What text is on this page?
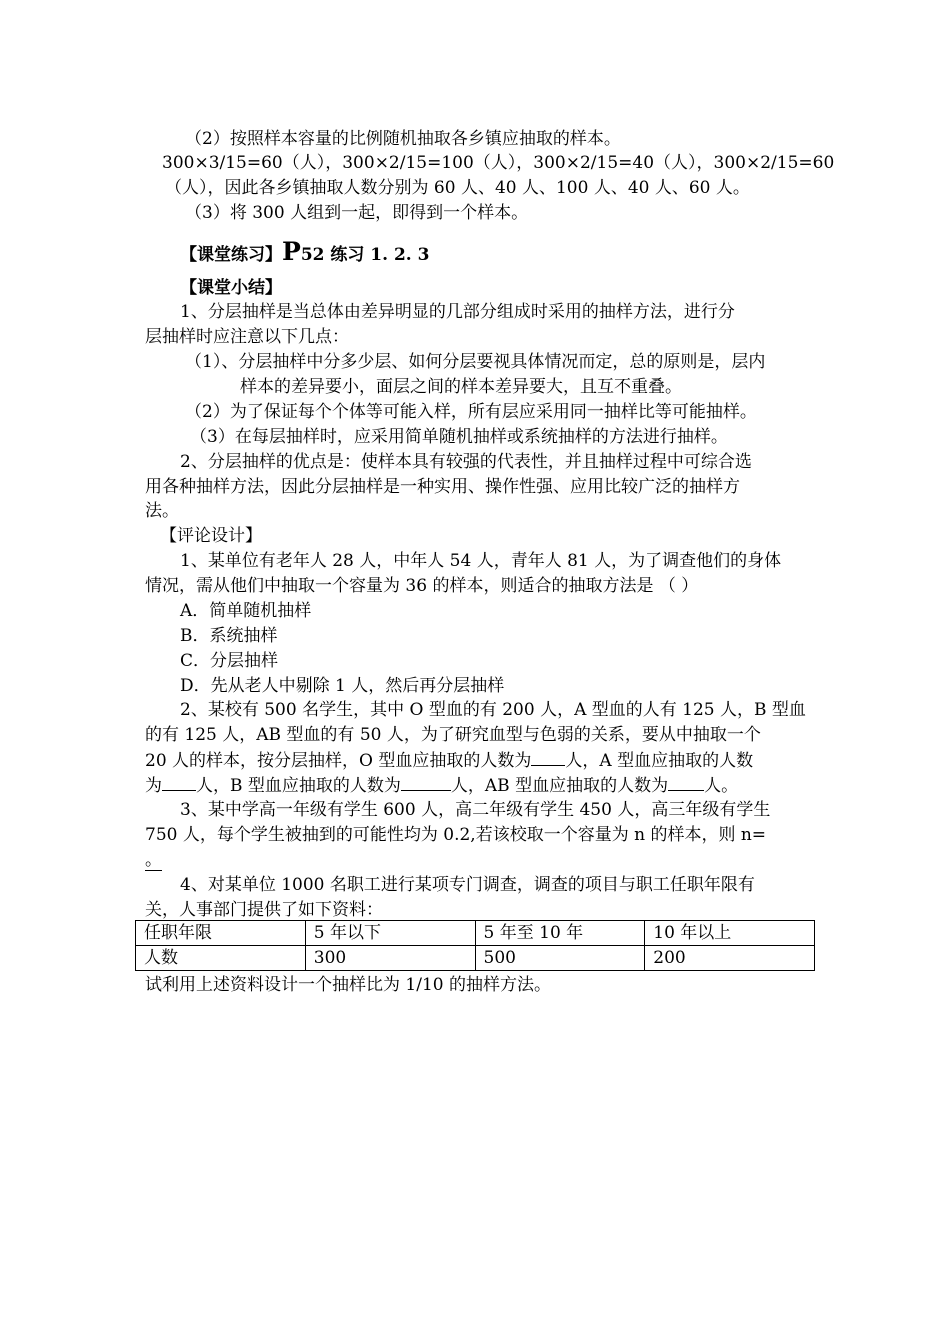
（2）按照样本容量的比例随机抽取各乡镇应抽取的样本。
300×3/15=60（人），300×2/15=100（人），300×2/15=40（人），300×2/15=60
（人），因此各乡镇抽取人数分别为 60 人、40 人、100 人、40 人、60 人。
（3）将 300 人组到一起，即得到一个样本。
【课堂练习】P52 练习 1. 2. 3
【课堂小结】
1、分层抽样是当总体由差异明显的几部分组成时采用的抽样方法，进行分
层抽样时应注意以下几点：
（1）、分层抽样中分多少层、如何分层要视具体情况而定，总的原则是，层内
样本的差异要小，面层之间的样本差异要大，且互不重叠。
（2）为了保证每个个体等可能入样，所有层应采用同一抽样比等可能抽样。
（3）在每层抽样时，应采用简单随机抽样或系统抽样的方法进行抽样。
2、分层抽样的优点是：使样本具有较强的代表性，并且抽样过程中可综合选
用各种抽样方法，因此分层抽样是一种实用、操作性强、应用比较广泛的抽样方
法。
【评论设计】
1、某单位有老年人 28 人，中年人 54 人，青年人 81 人，为了调查他们的身体
情况，需从他们中抽取一个容量为 36 的样本，则适合的抽取方法是 （ ）
A．简单随机抽样
B．系统抽样
C．分层抽样
D．先从老人中剔除 1 人，然后再分层抽样
2、某校有 500 名学生，其中 O 型血的有 200 人，A 型血的人有 125 人，B 型血
的有 125 人，AB 型血的有 50 人，为了研究血型与色弱的关系，要从中抽取一个
20 人的样本，按分层抽样，O 型血应抽取的人数为 人，A 型血应抽取的人数
为 人，B 型血应抽取的人数为	人，AB 型血应抽取的人数为 人。
3、某中学高一年级有学生 600 人，高二年级有学生 450 人，高三年级有学生
750 人，每个学生被抽到的可能性均为 0.2,若该校取一个容量为 n 的样本，则 n=
。
4、对某单位 1000 名职工进行某项专门调查，调查的项目与职工任职年限有
关，人事部门提供了如下资料：
任职年限	5 年以下	5 年至 10 年	10 年以上
人数	300	500	200
试利用上述资料设计一个抽样比为 1/10 的抽样方法。
